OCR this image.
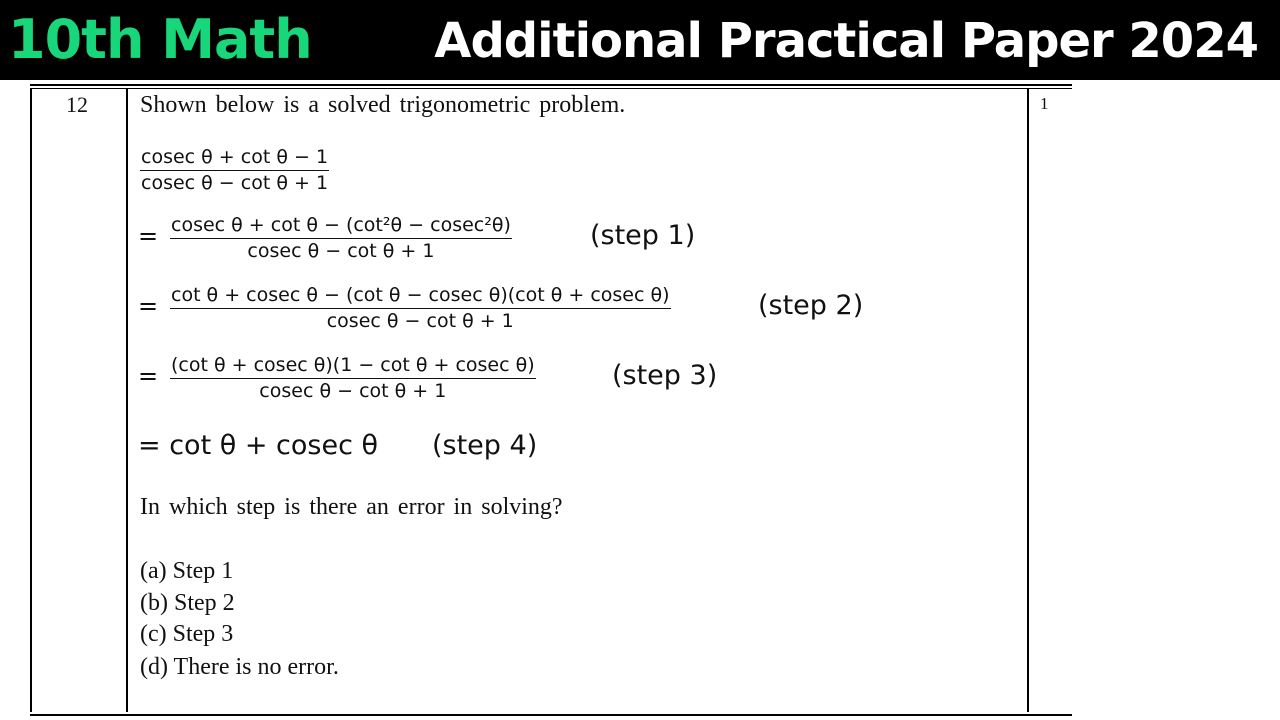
10th Math	Additional Practical Paper 2024
12	1
Shown below is a solved trigonometric problem.
$\frac{\text{cosec θ + cot θ − 1}}{\text{cosec θ − cot θ + 1}}$
= $\frac{\text{cosec θ + cot θ − (cot²θ − cosec²θ)}}{\text{cosec θ − cot θ + 1}}$	(step 1)
= $\frac{\text{cot θ + cosec θ − (cot θ − cosec θ)(cot θ + cosec θ)}}{\text{cosec θ − cot θ + 1}}$	(step 2)
= $\frac{\text{(cot θ + cosec θ)(1 − cot θ + cosec θ)}}{\text{cosec θ − cot θ + 1}}$	(step 3)
= cot θ + cosec θ (step 4)
In which step is there an error in solving?
(a) Step 1
(b) Step 2
(c) Step 3
(d) There is no error.
